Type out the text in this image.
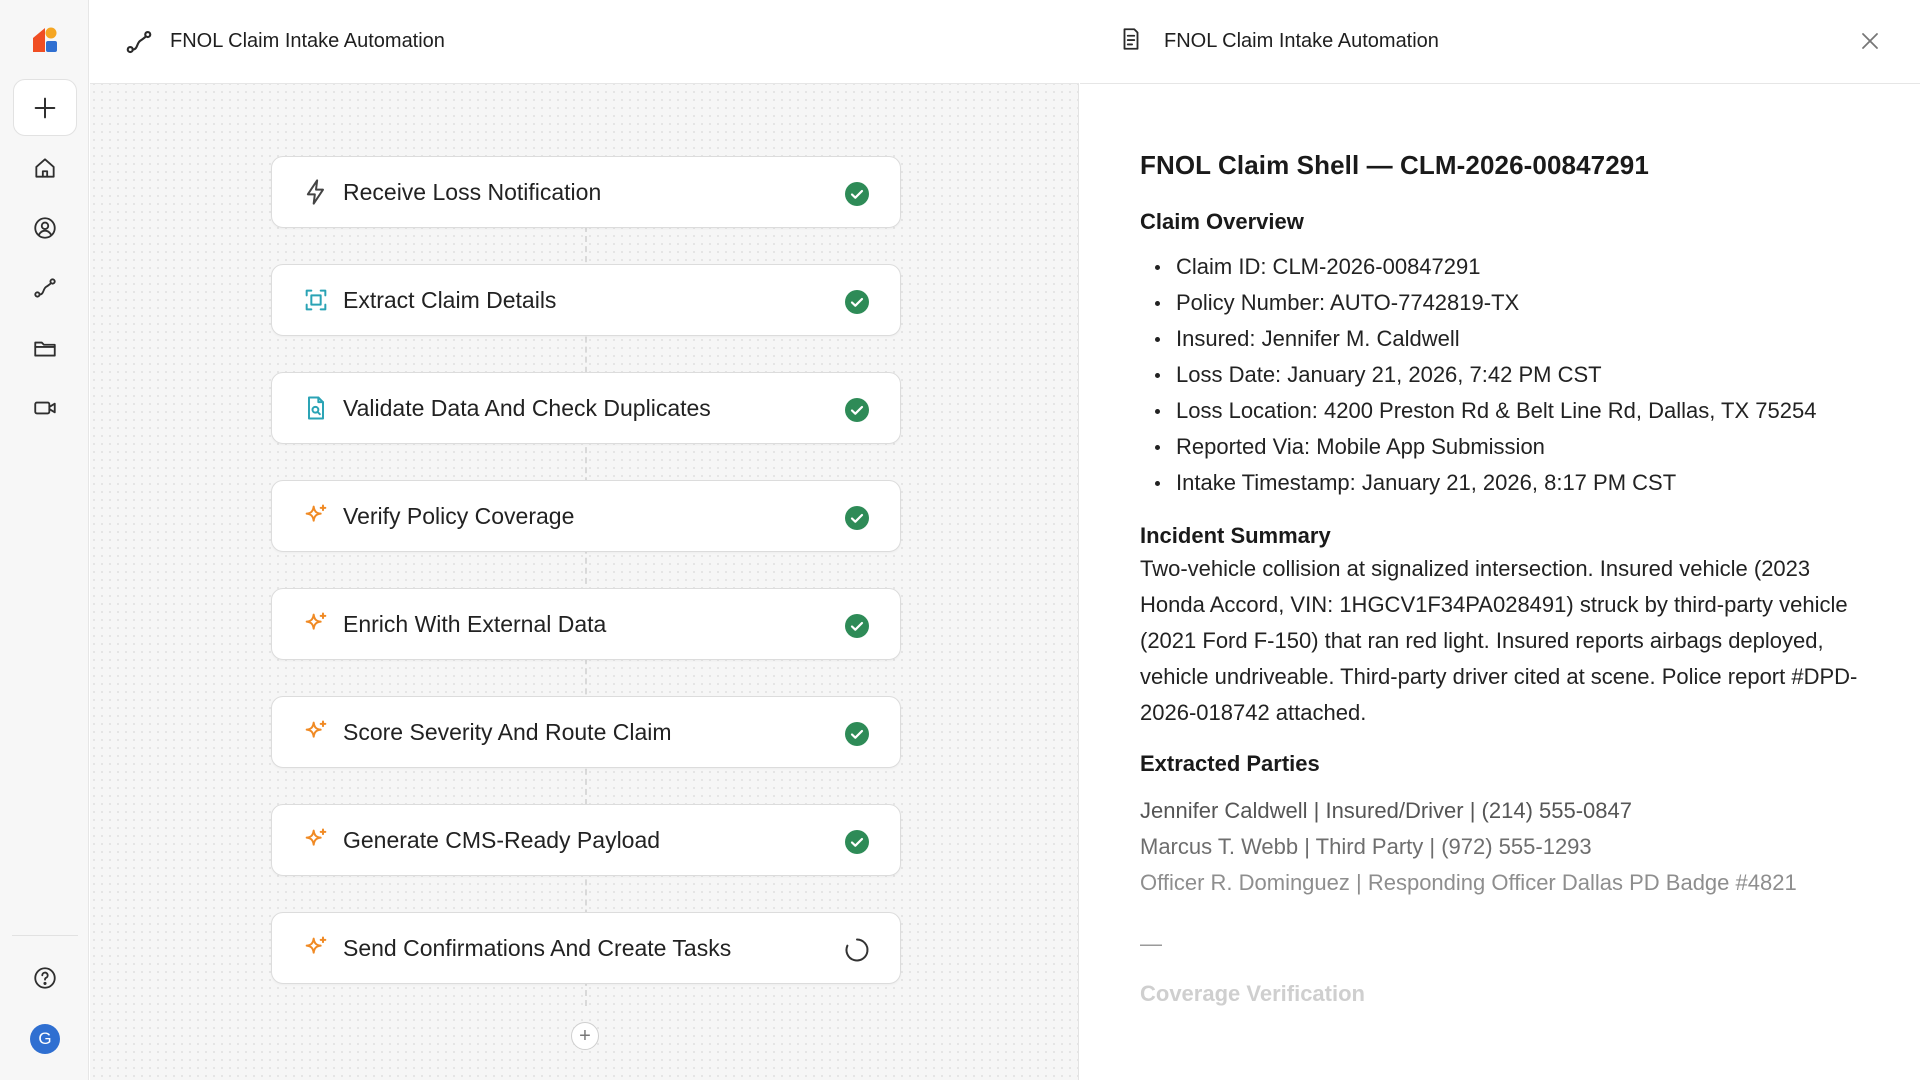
G
FNOL Claim Intake Automation
Receive Loss Notification
Extract Claim Details
Validate Data And Check Duplicates
Verify Policy Coverage
Enrich With External Data
Score Severity And Route Claim
Generate CMS-Ready Payload
Send Confirmations And Create Tasks
+
FNOL Claim Intake Automation
FNOL Claim Shell — CLM-2026-00847291
Claim Overview
Claim ID: CLM-2026-00847291
Policy Number: AUTO-7742819-TX
Insured: Jennifer M. Caldwell
Loss Date: January 21, 2026, 7:42 PM CST
Loss Location: 4200 Preston Rd & Belt Line Rd, Dallas, TX 75254
Reported Via: Mobile App Submission
Intake Timestamp: January 21, 2026, 8:17 PM CST
Incident Summary

Two-vehicle collision at signalized intersection. Insured vehicle (2023 Honda Accord, VIN: 1HGCV1F34PA028491) struck by third-party vehicle (2021 Ford F-150) that ran red light. Insured reports airbags deployed, vehicle undriveable. Third-party driver cited at scene. Police report #DPD-2026-018742 attached.

Extracted Parties
Jennifer Caldwell | Insured/Driver | (214) 555-0847
Marcus T. Webb | Third Party | (972) 555-1293
Officer R. Dominguez | Responding Officer Dallas PD Badge #4821
—
Coverage Verification
